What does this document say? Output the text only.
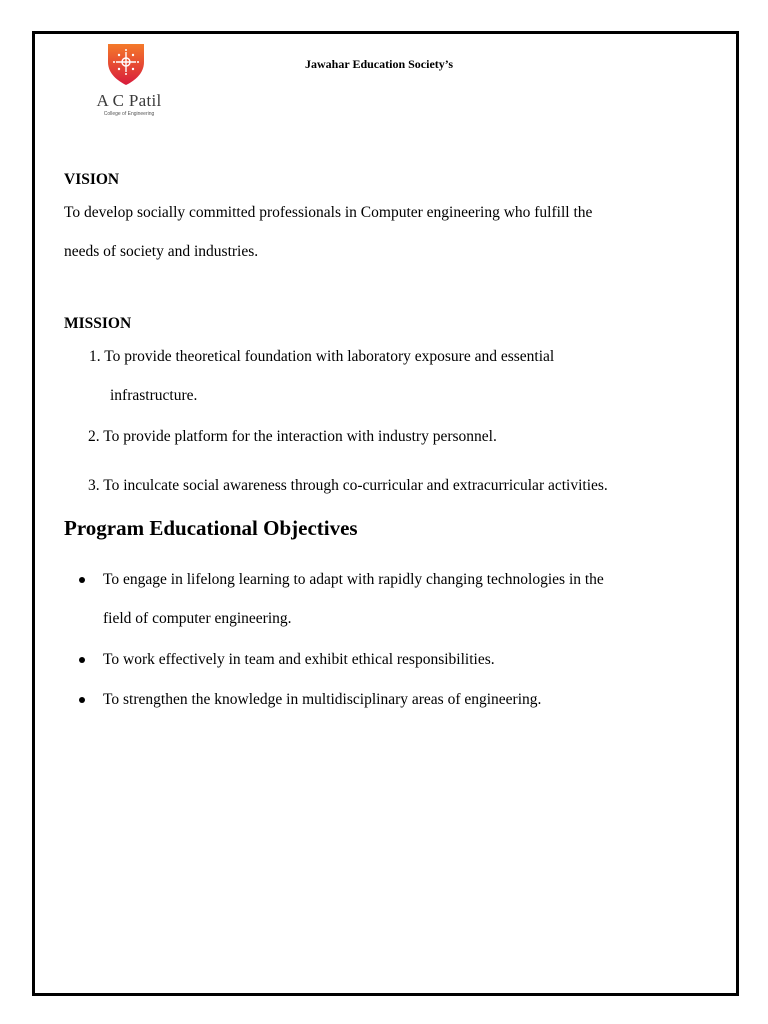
A C Patil
College of Engineering
Jawahar Education Society’s
VISION
To develop socially committed professionals in Computer engineering who fulfill the
needs of society and industries.
MISSION
1. To provide theoretical foundation with laboratory exposure and essential
infrastructure.
2. To provide platform for the interaction with industry personnel.
3. To inculcate social awareness through co-curricular and extracurricular activities.
Program Educational Objectives
To engage in lifelong learning to adapt with rapidly changing technologies in the
field of computer engineering.
To work effectively in team and exhibit ethical responsibilities.
To strengthen the knowledge in multidisciplinary areas of engineering.
